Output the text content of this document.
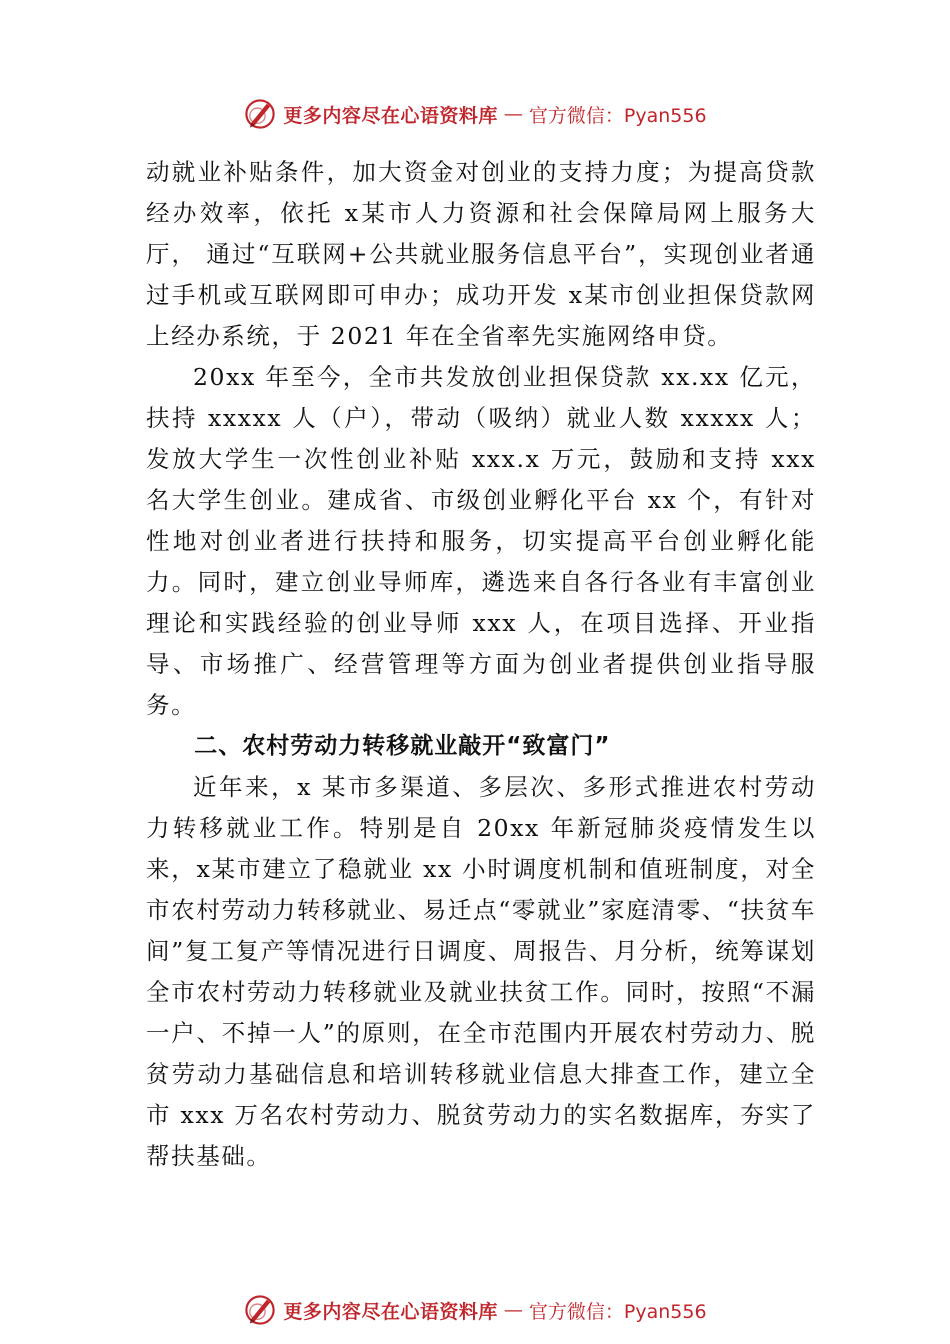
更多内容尽在心语资料库 — 官方微信：Pyan556

动就业补贴条件，加大资金对创业的支持力度；为提高贷款经办效率，依托 x某市人力资源和社会保障局网上服务大厅， 通过“互联网+公共就业服务信息平台”，实现创业者通过手机或互联网即可申办；成功开发 x某市创业担保贷款网上经办系统，于 2021 年在全省率先实施网络申贷。

20xx 年至今，全市共发放创业担保贷款 xx.xx 亿元，扶持 xxxxx 人（户），带动（吸纳）就业人数 xxxxx 人；发放大学生一次性创业补贴 xxx.x 万元，鼓励和支持 xxx 名大学生创业。建成省、市级创业孵化平台 xx 个，有针对性地对创业者进行扶持和服务，切实提高平台创业孵化能力。同时，建立创业导师库，遴选来自各行各业有丰富创业理论和实践经验的创业导师 xxx 人，在项目选择、开业指导、市场推广、经营管理等方面为创业者提供创业指导服务。

二、农村劳动力转移就业敲开“致富门”

近年来，x 某市多渠道、多层次、多形式推进农村劳动力转移就业工作。特别是自 20xx 年新冠肺炎疫情发生以来，x某市建立了稳就业 xx 小时调度机制和值班制度，对全市农村劳动力转移就业、易迁点“零就业”家庭清零、“扶贫车间”复工复产等情况进行日调度、周报告、月分析，统筹谋划全市农村劳动力转移就业及就业扶贫工作。同时，按照“不漏一户、不掉一人”的原则，在全市范围内开展农村劳动力、脱贫劳动力基础信息和培训转移就业信息大排查工作，建立全市 xxx 万名农村劳动力、脱贫劳动力的实名数据库，夯实了帮扶基础。

更多内容尽在心语资料库 — 官方微信：Pyan556
